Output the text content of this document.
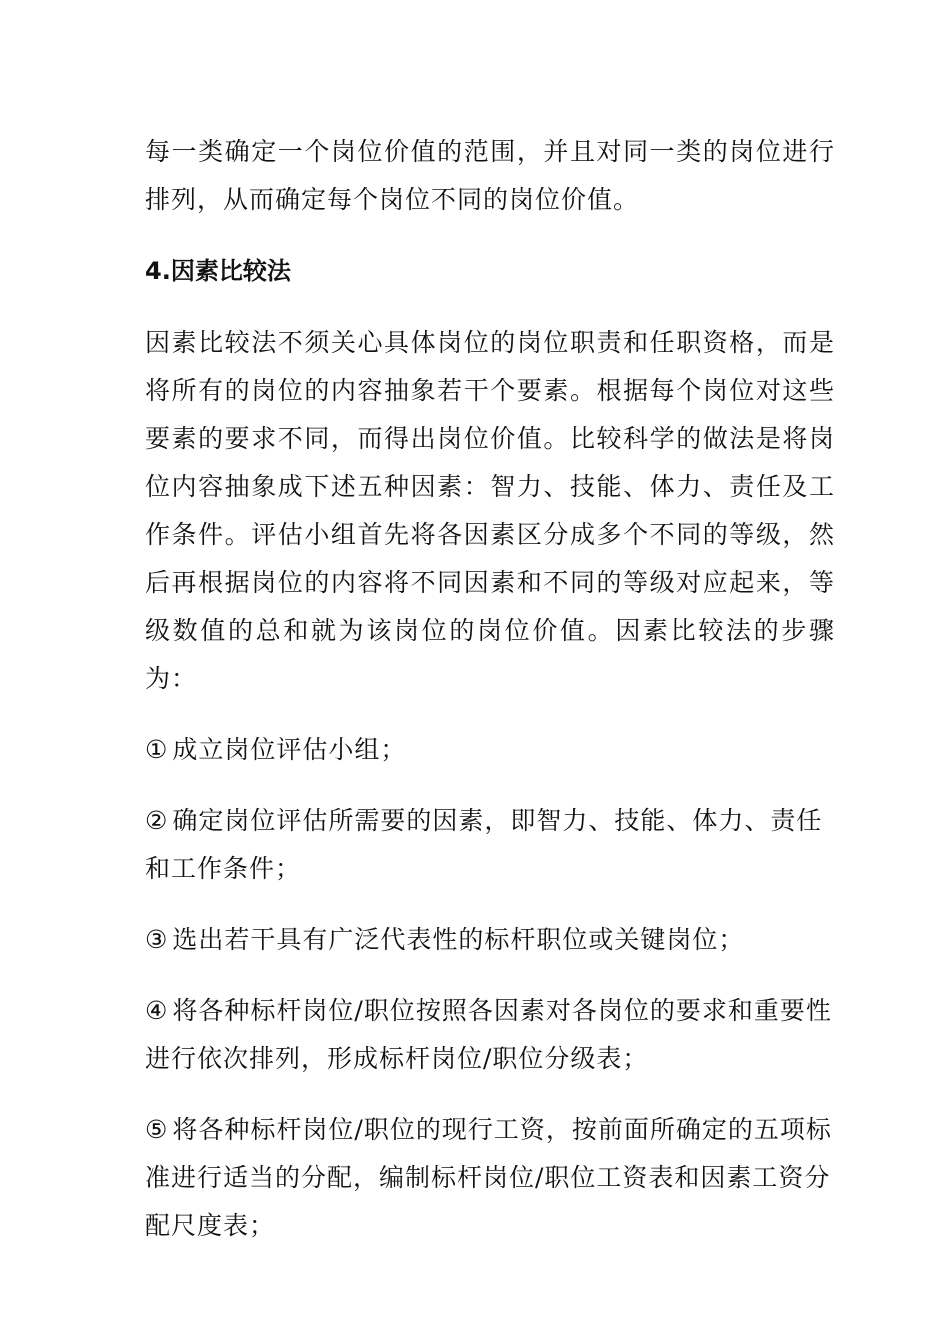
每一类确定一个岗位价值的范围，并且对同一类的岗位进行排列，从而确定每个岗位不同的岗位价值。

4.因素比较法

因素比较法不须关心具体岗位的岗位职责和任职资格，而是将所有的岗位的内容抽象若干个要素。根据每个岗位对这些要素的要求不同，而得出岗位价值。比较科学的做法是将岗位内容抽象成下述五种因素：智力、技能、体力、责任及工作条件。评估小组首先将各因素区分成多个不同的等级，然后再根据岗位的内容将不同因素和不同的等级对应起来，等级数值的总和就为该岗位的岗位价值。因素比较法的步骤为：

① 成立岗位评估小组；

② 确定岗位评估所需要的因素，即智力、技能、体力、责任和工作条件；

③ 选出若干具有广泛代表性的标杆职位或关键岗位；

④ 将各种标杆岗位/职位按照各因素对各岗位的要求和重要性进行依次排列，形成标杆岗位/职位分级表；

⑤ 将各种标杆岗位/职位的现行工资，按前面所确定的五项标准进行适当的分配，编制标杆岗位/职位工资表和因素工资分配尺度表；
